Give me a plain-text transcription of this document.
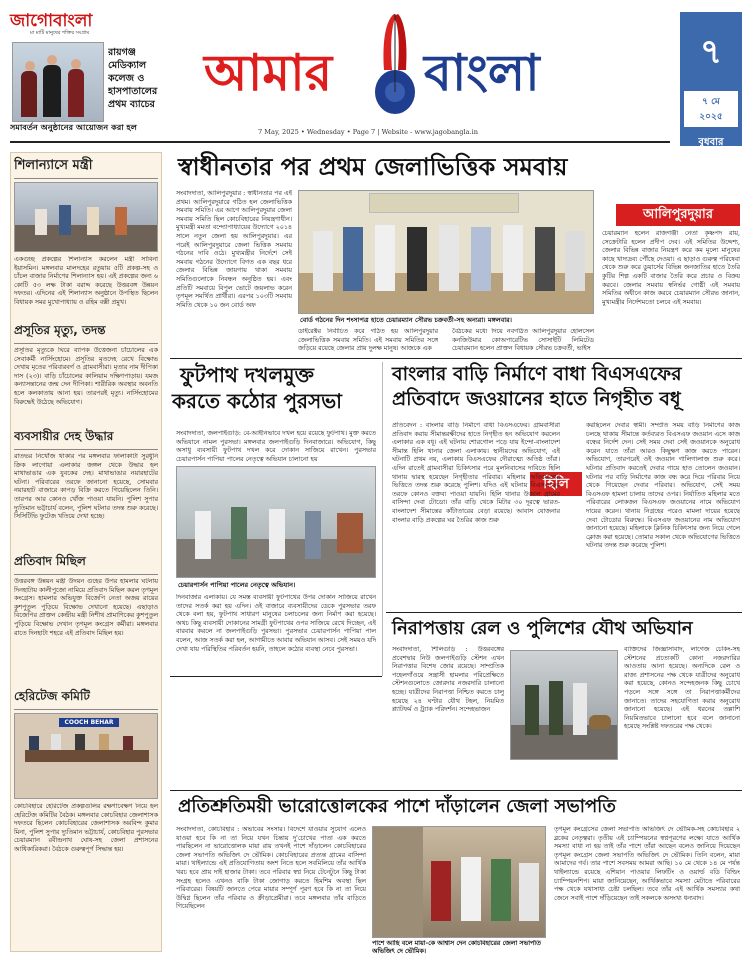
জাগোবাংলা
মা মাটি মানুষের শক্তির সংগ্রাম
রায়গঞ্জ মেডিক্যাল কলেজ ও হাসপাতালের প্রথম ব্যাচের
সমাবর্তন অনুষ্ঠানের আয়োজন করা হল
আমার বাংলা
7 May, 2025 • Wednesday • Page 7 | Website - www.jagobangla.in
৭
৭ মে
২০২৫
বুধবার
শিলান্যাসে মন্ত্রী

একগুচ্ছ প্রকল্পের শিলান্যাস করলেন মন্ত্রী সাবিনা ইয়াসমিন। মঙ্গলবার মালদহের রতুয়ায় ৫টি প্রকল্প-সহ ও চাঁচল বাজার নির্মাণের শিলান্যাস হয়। এই প্রকল্পের জন্য ৬ কোটি ৫৩ লক্ষ টাকা বরাদ্দ করেছে উত্তরবঙ্গ উন্নয়ন দফতর। এদিনের এই শিলান্যাস অনুষ্ঠানে উপস্থিত ছিলেন বিধায়ক সমর মুখোপাধ্যায় ও রহিম বক্সী প্রমুখ।

প্রসূতির মৃত্যু, তদন্ত

প্রসূতির মৃত্যুকে ঘিরে ব্যাপক উত্তেজনা চাঁচোলের এক সেবাকর্মী নার্সিংহোমে। প্রসূতির মৃতদেহ রেখে বিক্ষোভ দেখায় মৃতের পরিবারবর্গ ও গ্রামবাসীরা। মৃতার নাম দীপিকা দাস (২৩)। বাড়ি চাঁচোলের কালিয়াম দক্ষিণপাড়ায়। যমজ কন্যাসন্তানের জন্ম দেন দীপিকা। শারীরিক অবস্থার অবনতি হলে কলকাতায় আনা হয়। তারপরই মৃত্যু। নার্সিংহোমের বিরুদ্ধেই উঠেছে অভিযোগ।

ব্যবসায়ীর দেহ উদ্ধার

রাতভর নিখোঁজ থাকার পর মঙ্গলবার ফালাকাটা সুরধুনি ক্রিক লাগোয়া এলাকার জঙ্গল থেকে উদ্ধার হল মাথাভাঙার এক যুবকের দেহ। মাথাভাঙার নয়ারহাটের ঘটনা। পরিবারের তরফে জানানো হয়েছে, সোমবার নয়ারহাট বাজারে কাপড় বিক্রি করতে গিয়েছিলেন তিনি। তারপর আর কোনও খোঁজ পাওয়া যায়নি। পুলিশ সুপার দ্যুতিমান ভট্টাচার্য বলেন, পুলিশ ঘটনার তদন্ত শুরু করেছে। সিসিটিভি ফুটেজ খতিয়ে দেখা হচ্ছে।

প্রতিবাদ মিছিল

উত্তরবঙ্গ উন্নয়ন মন্ত্রী উদয়ন গুহের উপর হামলার ঘটনায় দিনহাটায় কালীপুজো নামিয়ে প্রতিবাদ মিছিল করল তৃণমূল কংগ্রেস। হামলার অভিযুক্ত বিজেপি নেতা অজয় রায়ের কুশপুতুল পুড়িয়ে বিক্ষোভ দেখানো হয়েছে। এছাড়াও বিজেপির প্রাক্তন কেন্দ্রীয় মন্ত্রী নিশীথ প্রামাণিকের কুশপুতুল পুড়িয়ে বিক্ষোভ দেখান তৃণমূল কংগ্রেস কর্মীরা। মঙ্গলবার রাতে দিনহাটা শহরে এই প্রতিবাদ মিছিল হয়।

হেরিটেজ কমিটি
COOCH BEHAR

কোচবিহারে হেরিটেজ প্রকল্পগুলির রক্ষণাবেক্ষণ নিয়ে হল হেরিটেজ কমিটির বৈঠক। মঙ্গলবার কোচবিহার জেলাশাসক দফতরে ছিলেন কোচবিহারের জেলাশাসক অরবিন্দ কুমার মিনা, পুলিশ সুপার দ্যুতিমান ভট্টাচার্য, কোচবিহার পুরসভার চেয়ারম্যান রবীন্দ্রনাথ ঘোষ-সহ জেলা প্রশাসনের আধিকারিকরা। বৈঠকে গুরুত্বপূর্ণ সিদ্ধান্ত হয়।

স্বাধীনতার পর প্রথম জেলাভিত্তিক সমবায়
আলিপুরদুয়ার

সংবাদদাতা, আলিপুরদুয়ার : স্বাধীনতার পর এই প্রথম। আলিপুরদুয়ারে গঠিত হল জেলাভিত্তিক সমবায় সমিতি। এর আগে আলিপুরদুয়ার জেলা সমবায় সমিতি ছিল কোচবিহারের নিয়ন্ত্রণাধীন। মুখ্যমন্ত্রী মমতা বন্দ্যোপাধ্যায়ের উদ্যোগে ২০১৪ সালে নতুন জেলা হয় আলিপুরদুয়ার। এর পরেই আলিপুরদুয়ারে জেলা ভিত্তিক সমবায় গঠনের দাবি ওঠে। মুখ্যমন্ত্রীর নির্দেশে সেই সমবায় গঠনের উদ্যোগে বিগত এক বছর ধরে জেলার বিভিন্ন জায়গায় থাকা সমবায় সমিতিগুলোকে নিবন্ধন অনুষ্ঠিত হয়। এবং প্রতিটি সমবায়ে বিপুল ভোটে জয়লাভ করেন তৃণমূল সমর্থিত প্রার্থীরা। এরপর ১০৩টি সমবায় সমিতি থেকে ১০ জন বোর্ড অফ

বোর্ড গঠনের দিন শংসাপত্র হাতে চেয়ারম্যান সৌরভ চক্রবর্তী-সহ অন্যরা। মঙ্গলবার।

ডাইরেক্টর নির্বাচিত করে গঠিত হয় আলিপুরদুয়ার জেলাভিত্তিক সমবায় সমিতি। এই সমবায় সমিতির সঙ্গে জড়িয়ে রয়েছে জেলার প্রায় দুলক্ষ মানুষ। আজকে এক

বৈঠকের মধ্যে দিয়ে নবগঠিত আলিপুরদুয়ার হোলসেল কনজিউমার কোঅপারেটিভ সোসাইটি লিমিটেড চেয়ারম্যান হলেন প্রাক্তন বিধায়ক সৌরভ চক্রবর্তী, ভাইস

চেয়ারম্যান হলেন রাজগঞ্জী নেতা কৃষ্ণপদ রায়, সেক্রেটারি হলেন প্রদীপ দেব। এই সমিতির উদ্দেশ্য, জেলার বিভিন্ন বাজার নিয়ন্ত্রণ করে কম মূল্যে মানুষের কাছে খাদ্যদ্রব্য পৌঁছে দেওয়া। এ ছাড়াও গুরুত্ব পরিষেবা থেকে শুরু করে ডুয়ার্সের বিভিন্ন জনজাতির হাতে তৈরি কুটির শিল্প একটি বাজার তৈরি করে প্রচার ও বিক্রয় করবে। জেলার সমবায় স্বনির্ভর গোষ্ঠী এই সমবায় সমিতির অধীনে কাজ করবে চেয়ারম্যান সৌরভ জানান, মুখ্যমন্ত্রীর নির্দেশমতো চলবে এই সমবায়।

ফুটপাথ দখলমুক্ত
করতে কঠোর পুরসভা

সংবাদদাতা, জলপাইগুড়ি: বে-আইনিভাবে দখল হয়ে রয়েছে ফুটপাথ। মুক্ত করতে অভিযানে নামল পুরসভা। মঙ্গলবার জলপাইগুড়ি দিনবাজারে। অভিযোগ, কিছু অসাধু ব্যবসায়ী ফুটপাথ দখল করে দোকান সাজিয়ে রাখেন। পুরসভার চেয়ারপার্সন পাপিয়া পালের নেতৃত্বে অভিযান চালানো হয়

চেয়ারপার্সন পাপিয়া পালের নেতৃত্বে অভিযান।

দিনবাজার এলাকায়। যে সমস্ত ব্যবসায়ী ফুটপাথের উপর দোকান সাজিয়ে রাখেন তাদের সতর্ক করা হয় এদিন। ওই বাজারে ব্যবসায়ীদের ডেকে পুরসভার তরফ থেকে বলা হয়, ফুটপাথ সাধারণ মানুষের চলাচলের জন্য নির্মাণ করা হয়েছে। অথচ কিছু ব্যবসায়ী দোকানের সামগ্রী ফুটপাথের ওপর সাজিয়ে রেখে দিচ্ছেন, এই বারবার করলে না জলপাইগুড়ি পুরসভা। পুরসভার চেয়ারপার্সন পাপিয়া পাল বলেন, আজ সতর্ক করা হল, আগামীতে আবার অভিযান আসব। সেই সময়ও যদি দেখা যায় পরিস্থিতির পরিবর্তন হয়নি, তাহলে কঠোর ব্যবস্থা নেবে পুরসভা।

বাংলার বাড়ি নির্মাণে বাধা বিএসএফের
প্রতিবাদে জওয়ানের হাতে নিগৃহীত বধূ
হিলি

প্রতিবেদন : বাংলার বাড়ি নির্মাণে বাধা বিএসএফের। গ্রামবাসীরা প্রতিবাদ করায় সীমান্তরক্ষীদের হাতে নিগৃহীত হন অভিযোগ করলেন এলাকার এক বধূ। এই ঘটনায় শোরগোল পড়ে যায় ইন্দো-বাংলাদেশ সীমান্ত হিলি থানার জেলা এলাকায়। স্থানীয়দের অভিযোগ, এই ঘটনাটি প্রথম নয়, এলাকায় বিএসএফের দৌরাত্ম্যে অতিষ্ঠ তাঁরা। এদিন রাতেই গ্রামবাসীরা চিকিৎসার পরে মূলনিবাসের দাবিতে হিলি থানায় দ্বারস্থ হয়েছেন নিগৃহীতার পরিবার। মহিলার অভিযোগের ভিত্তিতে তদন্ত শুরু করেছে পুলিশ। যদিও এই ঘটনায় বিএসএফের তরফে কোনও বক্তব্য পাওয়া যায়নি। হিলি থানার উজাল গ্রামের বাসিন্দা দেবা টোডো। তাঁর বাড়ি থেকে মিটার ৩০ দূরত্বে ভারত-বাংলাদেশ সীমান্তের কাঁটাতারের বেড়া রয়েছে। আবাস যোজনার বাংলার বাড়ি প্রকল্পের ঘর তৈরির কাজ শুরু

করছিলেন দেবার স্বামী। সম্প্রতি সময় বাড়ি নির্মাণের কাজ চলছে থাকায় সীমান্তে কর্তব্যরত বিএসএফ জওয়ান এসে কাজ বন্ধের নির্দেশ দেন। সেই সময় দেবা সেই জওয়ানকে অনুরোধ করেন যাতে তাঁরা আরও কিছুক্ষণ কাজ করতে পারেন। অভিযোগ, তারপরেই ওই জওয়ান গালিগালাজ শুরু করে। ঘটনার প্রতিবাদ করতেই দেবার গায়ে হাত তোলেন জওয়ান। ঘটনার পর বাড়ি নির্মাণের কাজ বন্ধ করে দিয়ে পরিবার নিয়ে থেকে গিয়েছেন দেবার পরিবার। অভিযোগ, সেই সময় বিএসএফ হামলা চালায় তাদের ওপর। নির্যাতিত মহিলার মতে পরিবারের লোকজন বিএসএফ জওয়ানের নামে অভিযোগ দায়ের করেন। থানায় নিগ্রহের পরেও মামলা দায়ের হয়েছে দেবা টোডোর বিরুদ্ধে। বিএসএফ জওয়ানের নাম অভিযোগ জানানো হয়েছে। মহিলাকে ক্লিনিক চিকিৎসার জন্য নিয়ে গেলে ক্লোজ করা হয়েছে। তোমার সকাল থেকে অভিযোগের ভিত্তিতে ঘটনার তদন্ত শুরু করেছে পুলিশ।

নিরাপত্তায় রেল ও পুলিশের যৌথ অভিযান

সংবাদদাতা, শিলিগুড়ি : উত্তরবঙ্গের প্রবেশদ্বার নিউ জলপাইগুড়ি স্টেশন এখন নিরাপত্তার বিশেষ জোর রয়েছে। সাম্প্রতিক পহেলগাঁওয়ে সন্ত্রাসী হামলার পরিপ্রেক্ষিতে স্টেশনগুলোতে জোরদার নজরদারি চালানো হচ্ছে। যাত্রীদের নিরাপত্তা নিশ্চিত করতে চালু হয়েছে ২৪ ঘণ্টার যৌথ টহল, নিয়মিত প্ল্যাটফর্ম ও ট্র্যাক পরিদর্শন। সন্দেহভাজন

ব্যক্তিদের জিজ্ঞাসাবাদ, লাগেজ চেকিং-সহ স্টেশনের প্রত্যেকটি কোনা নজরদারির আওতায় আনা হয়েছে। অন্যদিকে রেল ও রাজ্য প্রশাসনের পক্ষ থেকে যাত্রীদের অনুরোধ করা হয়েছে, কোনও সন্দেহজনক কিছু চোখে পড়লে সঙ্গে সঙ্গে তা নিরাপত্তাকর্মীদের জানাতে। তাদের সহযোগিতা করার অনুরোধ জানানো হয়েছে। এই ধরনের তল্লাশি নিয়মিতভাবে চালানো হবে বলে জানানো হয়েছে সংশ্লিষ্ট দফতরের পক্ষ থেকে।

প্রতিশ্রুতিময়ী ভারোত্তোলকের পাশে দাঁড়ালেন জেলা সভাপতি

সংবাদদাতা, কোচবিহার : অভাবের সংসার। বিদেশে যাওয়ার সুযোগ এলেও যাওয়া হবে কি না তা নিয়ে যখন চিন্তায় দু'চোখের পাতা এক করতে পারছিলেন না ভারোত্তোলক মায়া রায় তখনই পাশে দাঁড়ালেন কোচবিহারের জেলা সভাপতি অভিজিৎ দে ভৌমিক। কোচবিহারের প্রত্যন্ত গ্রামের বাসিন্দা মায়া। থাইল্যান্ডে এই প্রতিযোগিতায় অংশ নিতে হলে সবমিলিয়ে তাঁর আর্থিক খরচ হবে প্রায় দাই হাজার টাকা। তবে পরিবার স্বপ্ন নিয়ে টেনেটুনে কিছু টাকা সংগ্রহ হলেও এখনও বাকি টাকা জোগাড় করতে হিমশিম অবস্থা ছিল পরিবারের। বিষয়টি জানতে পেরে মায়ার সম্পূর্ণ পূরণ হবে কি না তা নিয়ে উদ্বিগ্ন ছিলেন তাঁর পরিবার ও ক্রীড়াপ্রেমীরা। তবে মঙ্গলবার তাঁর বাড়িতে গিয়েছিলেন

পাশে আছি বলে মায়া-কে আশ্বাস দেন কোচবিহারের জেলা সভাপতি অভিজিৎ দে ভৌমিক।

তৃণমূল কংগ্রেসের জেলা সভাপতি অভিজিৎ দে ভৌমিক-সহ কোচবিহার ২ ব্লকের নেতৃত্বরা। তৃতীয় এই চ্যাম্পিয়নের স্বপ্নপূরণের লক্ষ্যে যাতে আর্থিক সমস্যা বাধা না হয় তাই তাঁর পাশে তাঁরা আছেন বলেও জানিয়ে দিয়েছেন তৃণমূল কংগ্রেস জেলা সভাপতি অভিজিৎ দে ভৌমিক। তিনি বলেন, মায়া আমাদের গর্ব। তার পাশে সবসময় আমরা আছি। ১০ মে থেকে ১৪ মে পর্যন্ত থাইল্যান্ডে রয়েছে এশিয়ান পাওয়ার লিফটিং ও ওয়ার্ল্ড বডি বিল্ডিং চ্যাম্পিয়নশিপ। মায়া জানিয়েছেন, আর্থিকভাবে সমস্যা মেটাতে পরিবারের পক্ষ থেকে যথাসাধ্য চেষ্টা চলছিল। তবে তাঁর এই আর্থিক সমস্যার কথা জেনে সবাই পাশে দাঁড়িয়েছেন তাই সকলকে অসংখ্য ধন্যবাদ।
